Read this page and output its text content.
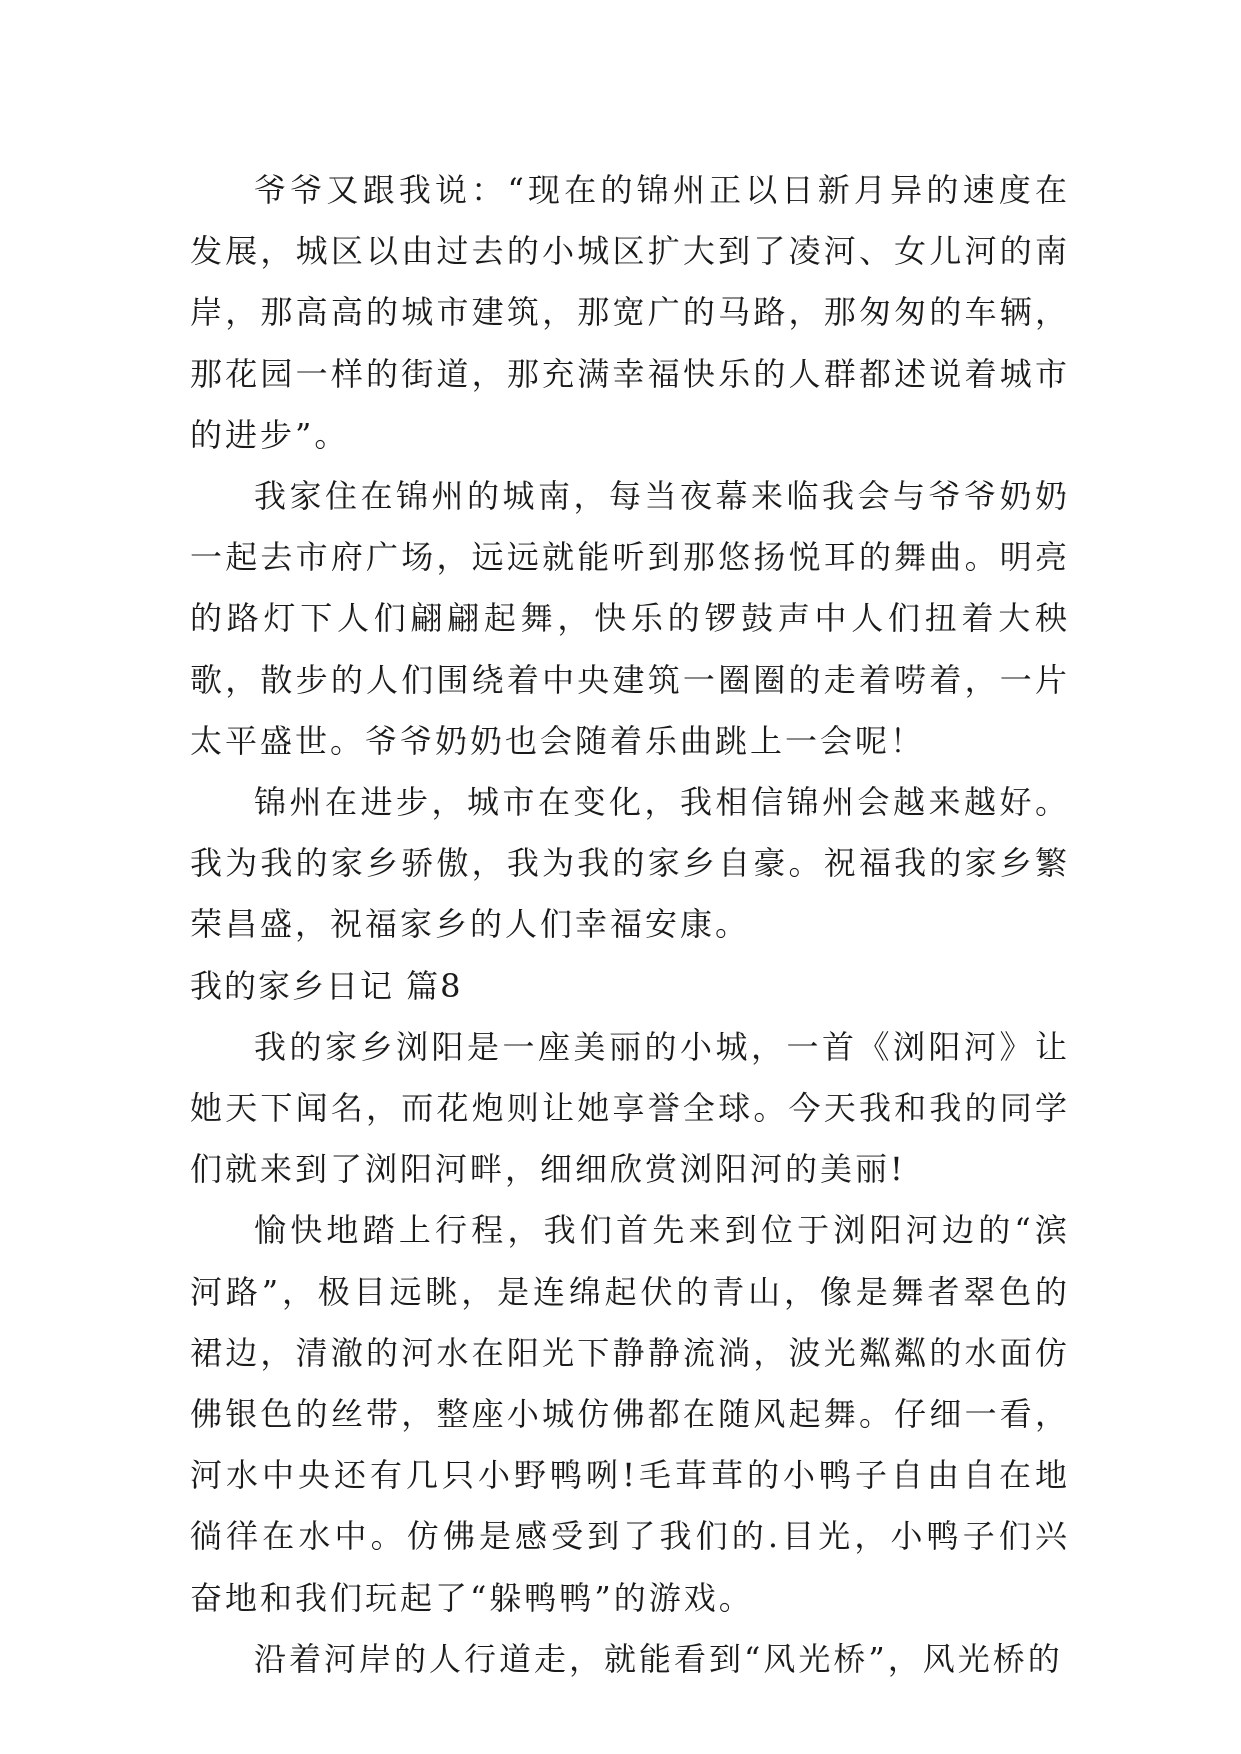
爷爷又跟我说：“现在的锦州正以日新月异的速度在发展，城区以由过去的小城区扩大到了凌河、女儿河的南岸，那高高的城市建筑，那宽广的马路，那匆匆的车辆，那花园一样的街道，那充满幸福快乐的人群都述说着城市的进步”。

我家住在锦州的城南，每当夜幕来临我会与爷爷奶奶一起去市府广场，远远就能听到那悠扬悦耳的舞曲。明亮的路灯下人们翩翩起舞，快乐的锣鼓声中人们扭着大秧歌，散步的人们围绕着中央建筑一圈圈的走着唠着，一片太平盛世。爷爷奶奶也会随着乐曲跳上一会呢！

锦州在进步，城市在变化，我相信锦州会越来越好。我为我的家乡骄傲，我为我的家乡自豪。祝福我的家乡繁荣昌盛，祝福家乡的人们幸福安康。

我的家乡日记 篇8

我的家乡浏阳是一座美丽的小城，一首《浏阳河》让她天下闻名，而花炮则让她享誉全球。今天我和我的同学们就来到了浏阳河畔，细细欣赏浏阳河的美丽!

愉快地踏上行程，我们首先来到位于浏阳河边的“滨河路”，极目远眺，是连绵起伏的青山，像是舞者翠色的裙边，清澈的河水在阳光下静静流淌，波光粼粼的水面仿佛银色的丝带，整座小城仿佛都在随风起舞。仔细一看，河水中央还有几只小野鸭咧!毛茸茸的小鸭子自由自在地徜徉在水中。仿佛是感受到了我们的.目光，小鸭子们兴奋地和我们玩起了“躲鸭鸭”的游戏。

沿着河岸的人行道走，就能看到“风光桥”，风光桥的
